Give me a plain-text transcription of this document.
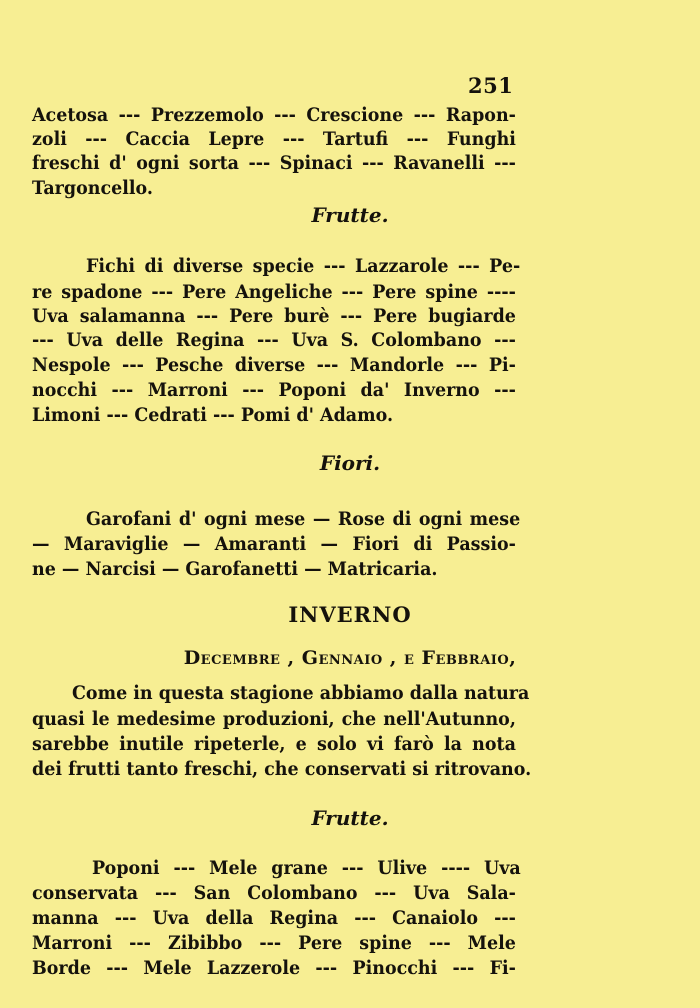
251
Acetosa --- Prezzemolo --- Crescione --- Rapon-
zoli --- Caccia Lepre --- Tartufi --- Funghi
freschi d' ogni sorta --- Spinaci --- Ravanelli ---
Targoncello.
Frutte.
Fichi di diverse specie --- Lazzarole --- Pe-
re spadone --- Pere Angeliche --- Pere spine ----
Uva salamanna --- Pere burè --- Pere bugiarde
--- Uva delle Regina --- Uva S. Colombano ---
Nespole --- Pesche diverse --- Mandorle --- Pi-
nocchi --- Marroni --- Poponi da' Inverno ---
Limoni --- Cedrati --- Pomi d' Adamo.
Fiori.
Garofani d' ogni mese — Rose di ogni mese
— Maraviglie — Amaranti — Fiori di Passio-
ne — Narcisi — Garofanetti — Matricaria.
INVERNO
Decembre , Gennaio , e Febbraio,
Come in questa stagione abbiamo dalla natura
quasi le medesime produzioni, che nell'Autunno,
sarebbe inutile ripeterle, e solo vi farò la nota
dei frutti tanto freschi, che conservati si ritrovano.
Frutte.
Poponi --- Mele grane --- Ulive ---- Uva
conservata --- San Colombano --- Uva Sala-
manna --- Uva della Regina --- Canaiolo ---
Marroni --- Zibibbo --- Pere spine --- Mele
Borde --- Mele Lazzerole --- Pinocchi --- Fi-
